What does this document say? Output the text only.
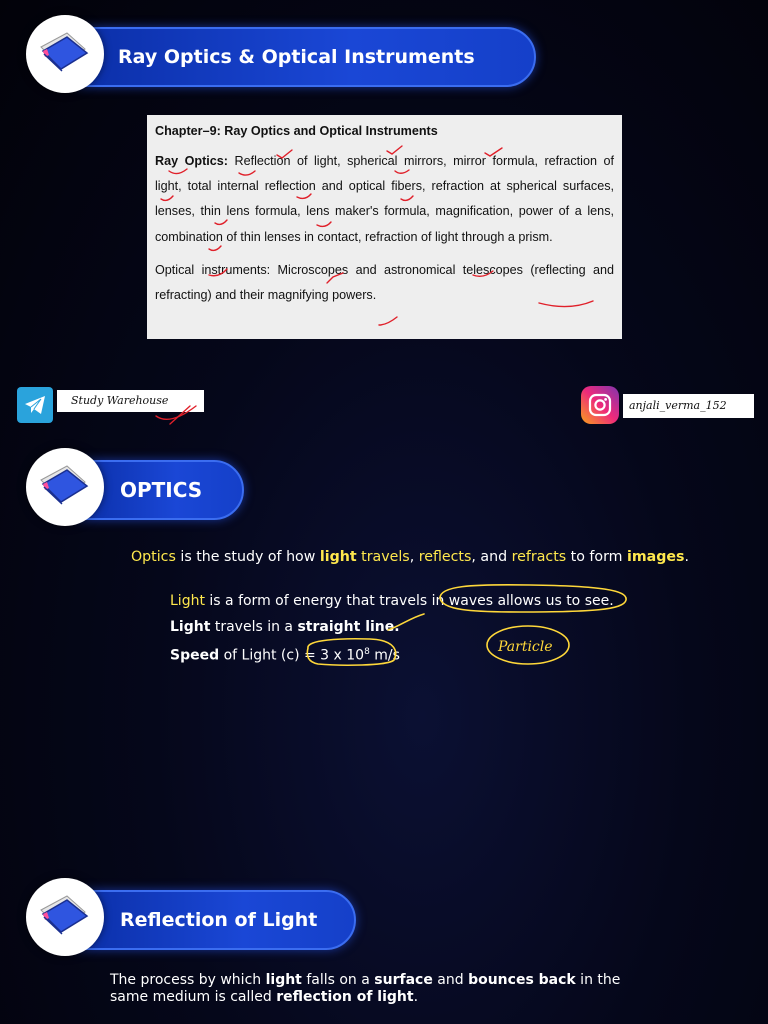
Ray Optics & Optical Instruments

Chapter–9: Ray Optics and Optical Instruments

Ray Optics: Reflection of light, spherical mirrors, mirror formula, refraction of light, total internal reflection and optical fibers, refraction at spherical surfaces, lenses, thin lens formula, lens maker's formula, magnification, power of a lens, combination of thin lenses in contact, refraction of light through a prism.

Optical instruments: Microscopes and astronomical telescopes (reflecting and refracting) and their magnifying powers.

Study Warehouse	anjali_verma_152
OPTICS
Optics is the study of how light travels, reflects, and refracts to form images.
Light is a form of energy that travels in waves allows us to see.
Light travels in a straight line.
Speed of Light (c) = 3 x $10^8$ m/s
Particle
Reflection of Light
The process by which light falls on a surface and bounces back in the same medium is called reflection of light.
